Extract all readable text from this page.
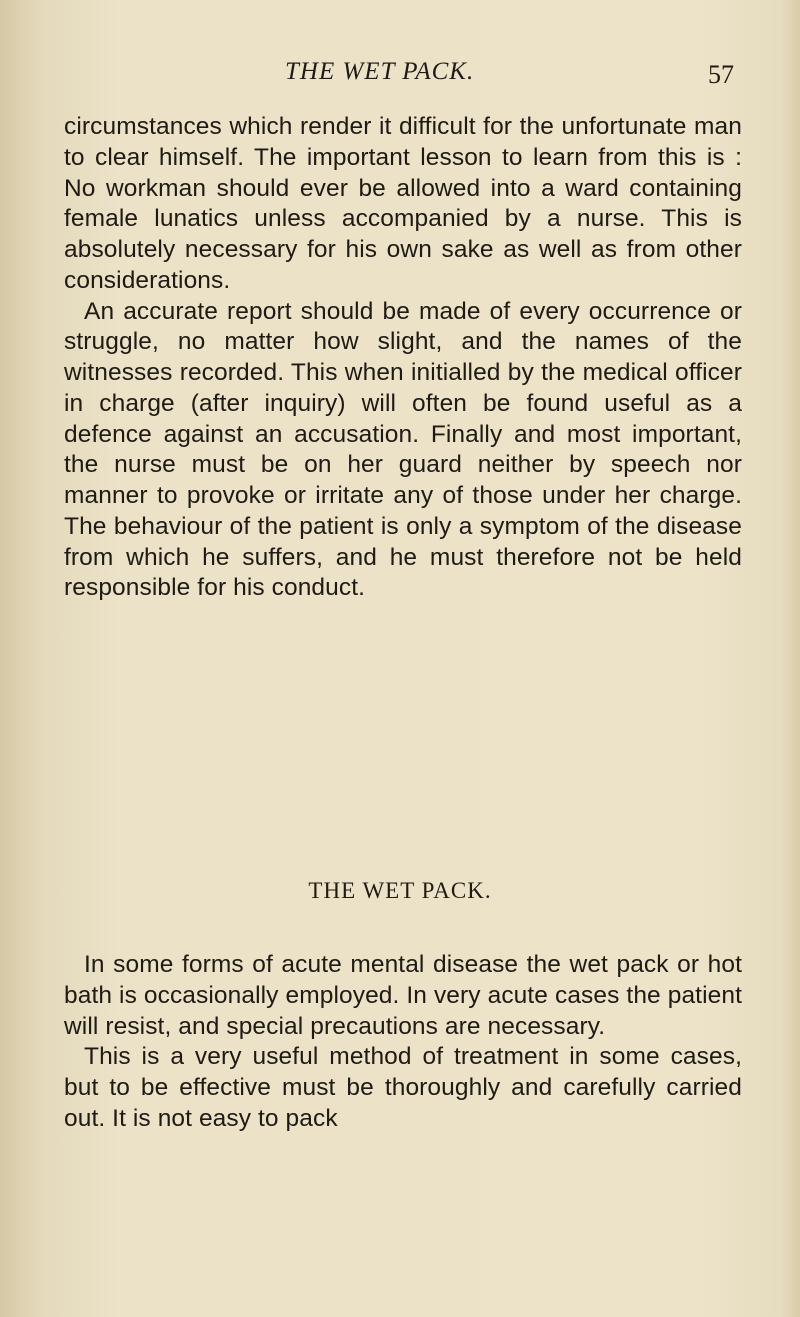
THE WET PACK.	57

circumstances which render it difficult for the unfortunate man to clear himself. The important lesson to learn from this is : No workman should ever be allowed into a ward containing female lunatics unless accompanied by a nurse. This is absolutely necessary for his own sake as well as from other considerations.

An accurate report should be made of every occurrence or struggle, no matter how slight, and the names of the witnesses recorded. This when initialled by the medical officer in charge (after inquiry) will often be found useful as a defence against an accusation. Finally and most important, the nurse must be on her guard neither by speech nor manner to provoke or irritate any of those under her charge. The behaviour of the patient is only a symptom of the disease from which he suffers, and he must therefore not be held responsible for his conduct.

THE WET PACK.

In some forms of acute mental disease the wet pack or hot bath is occasionally employed. In very acute cases the patient will resist, and special precautions are necessary.

This is a very useful method of treatment in some cases, but to be effective must be thoroughly and carefully carried out. It is not easy to pack
